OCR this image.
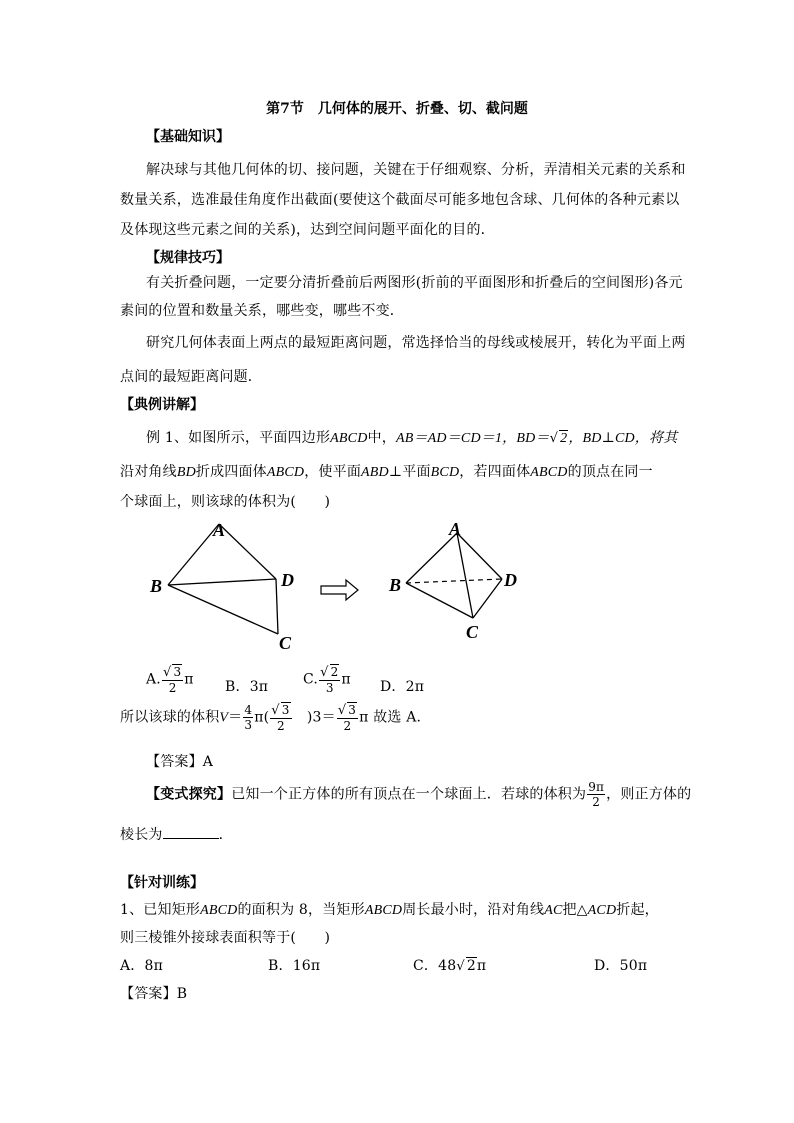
第7节　几何体的展开、折叠、切、截问题
【基础知识】
解决球与其他几何体的切、接问题，关键在于仔细观察、分析，弄清相关元素的关系和
数量关系，选准最佳角度作出截面(要使这个截面尽可能多地包含球、几何体的各种元素以
及体现这些元素之间的关系)，达到空间问题平面化的目的．
【规律技巧】
有关折叠问题，一定要分清折叠前后两图形(折前的平面图形和折叠后的空间图形)各元
素间的位置和数量关系，哪些变，哪些不变．
研究几何体表面上两点的最短距离问题，常选择恰当的母线或棱展开，转化为平面上两
点间的最短距离问题．
【典例讲解】
例 1、如图所示，平面四边形ABCD中，AB＝AD＝CD＝1，BD＝√ 2，BD⊥CD，将其
沿对角线BD折成四面体ABCD，使平面ABD⊥平面BCD，若四面体ABCD的顶点在同一
个球面上，则该球的体积为(　　)
A
B	D
C
A
B	D
C
A. $\frac{√ 3}{2}$ π B．3π C. $\frac{√ 2}{3}$ π D．2π
所以该球的体积$V= \frac{4}{3} \pi( \frac{√ 3}{2}$ 　)$3= \frac{√ 3}{2}$ π 故选 A.
【答案】A
【变式探究】已知一个正方体的所有顶点在一个球面上．若球的体积为 $\frac{9\pi}{2}$ ，则正方体的
棱长为	．
【针对训练】
1、已知矩形ABCD的面积为 8，当矩形ABCD周长最小时，沿对角线AC把△ACD折起，
则三棱锥外接球表面积等于(　　)
A．8π	B．16π	C．48√ 2π	D．50π
【答案】B
